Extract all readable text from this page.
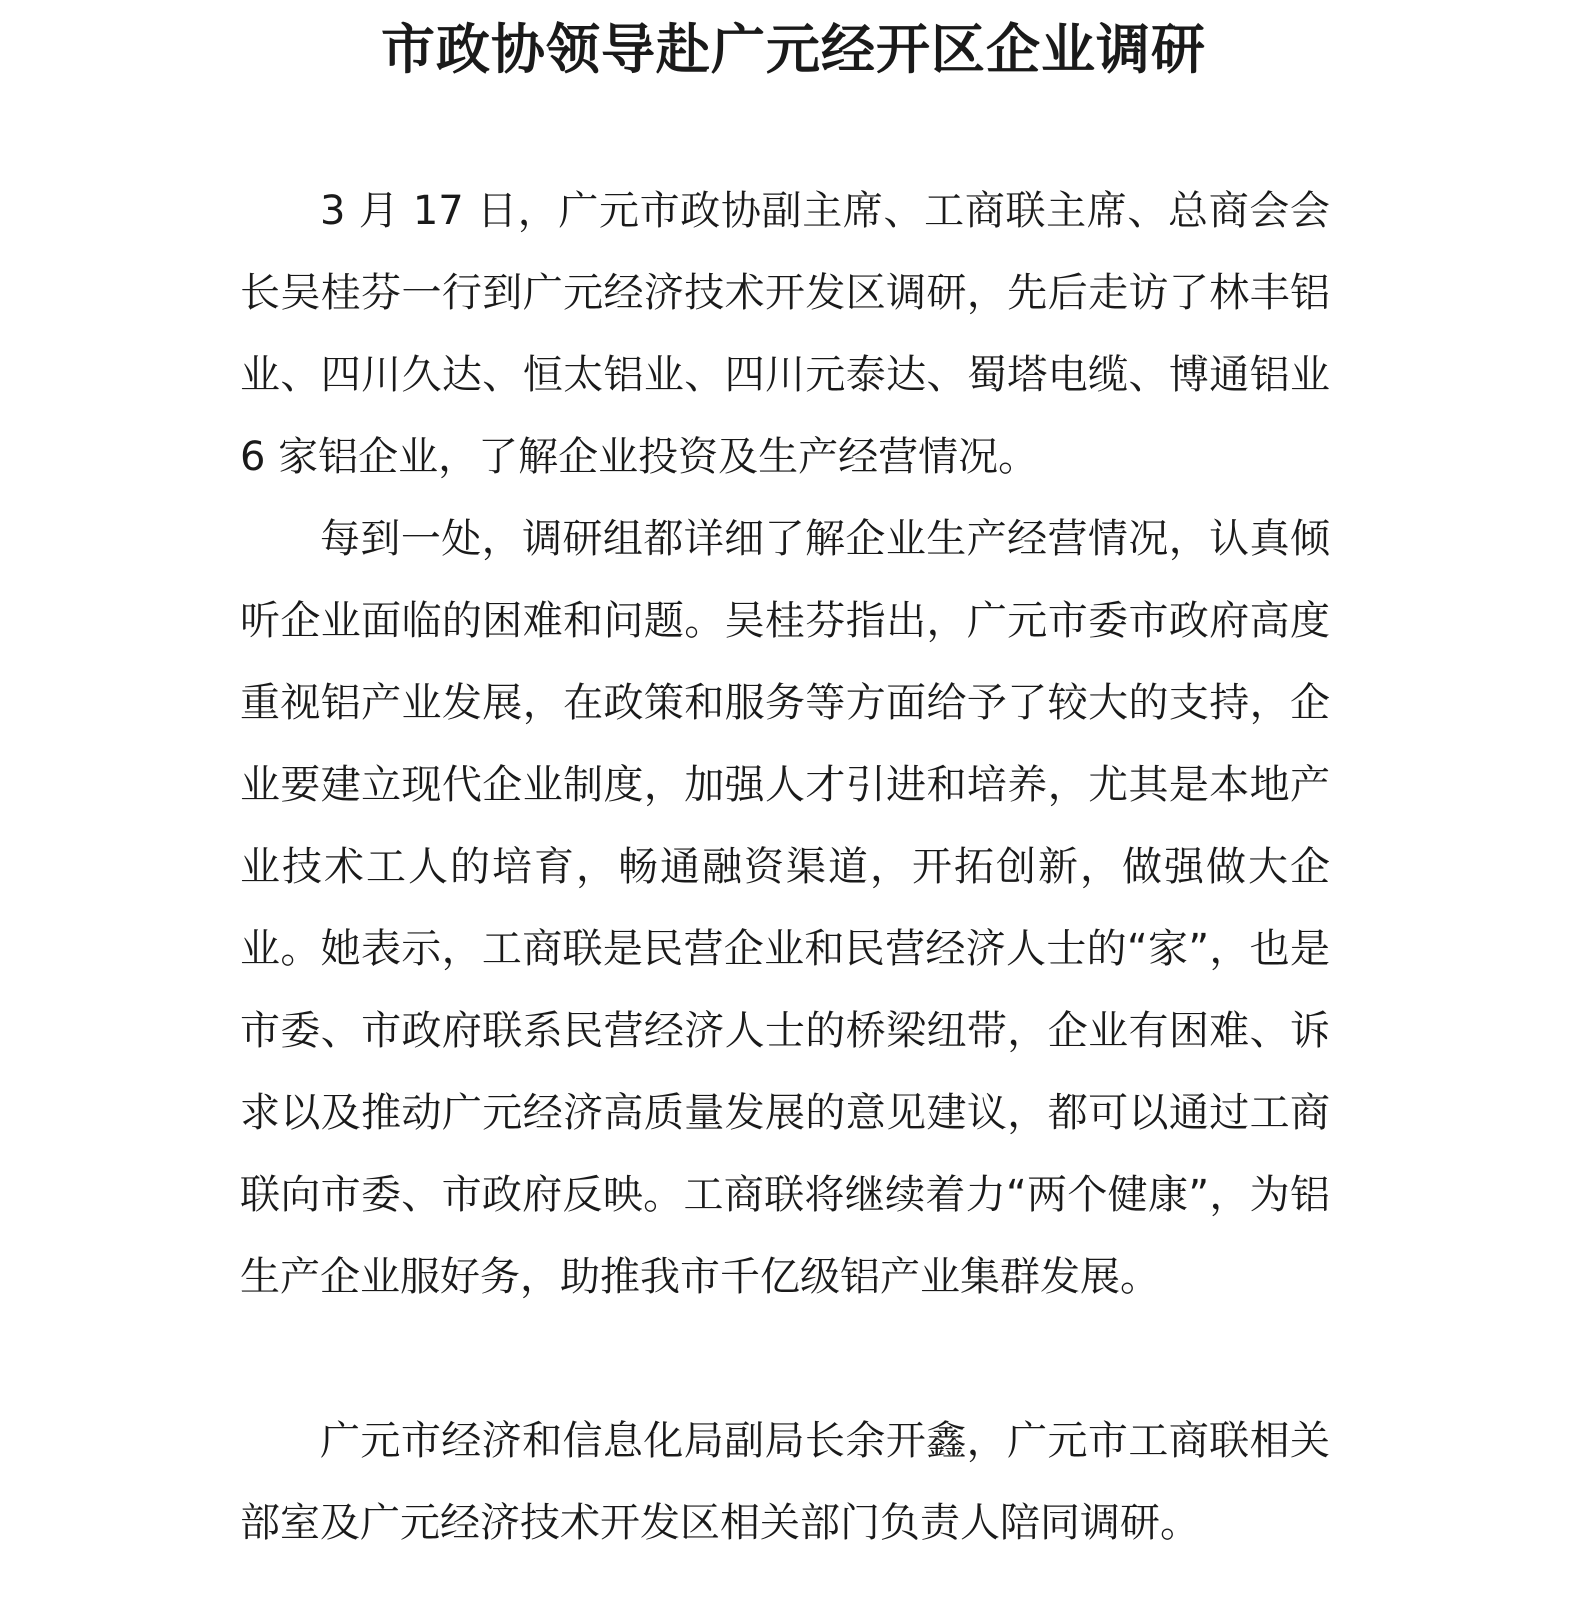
市政协领导赴广元经开区企业调研

3 月 17 日，广元市政协副主席、工商联主席、总商会会长吴桂芬一行到广元经济技术开发区调研，先后走访了林丰铝业、四川久达、恒太铝业、四川元泰达、蜀塔电缆、博通铝业 6 家铝企业，了解企业投资及生产经营情况。

每到一处，调研组都详细了解企业生产经营情况，认真倾听企业面临的困难和问题。吴桂芬指出，广元市委市政府高度重视铝产业发展，在政策和服务等方面给予了较大的支持，企业要建立现代企业制度，加强人才引进和培养，尤其是本地产业技术工人的培育，畅通融资渠道，开拓创新，做强做大企业。她表示，工商联是民营企业和民营经济人士的“家”，也是市委、市政府联系民营经济人士的桥梁纽带，企业有困难、诉求以及推动广元经济高质量发展的意见建议，都可以通过工商联向市委、市政府反映。工商联将继续着力“两个健康”，为铝生产企业服好务，助推我市千亿级铝产业集群发展。

广元市经济和信息化局副局长余开鑫，广元市工商联相关部室及广元经济技术开发区相关部门负责人陪同调研。
